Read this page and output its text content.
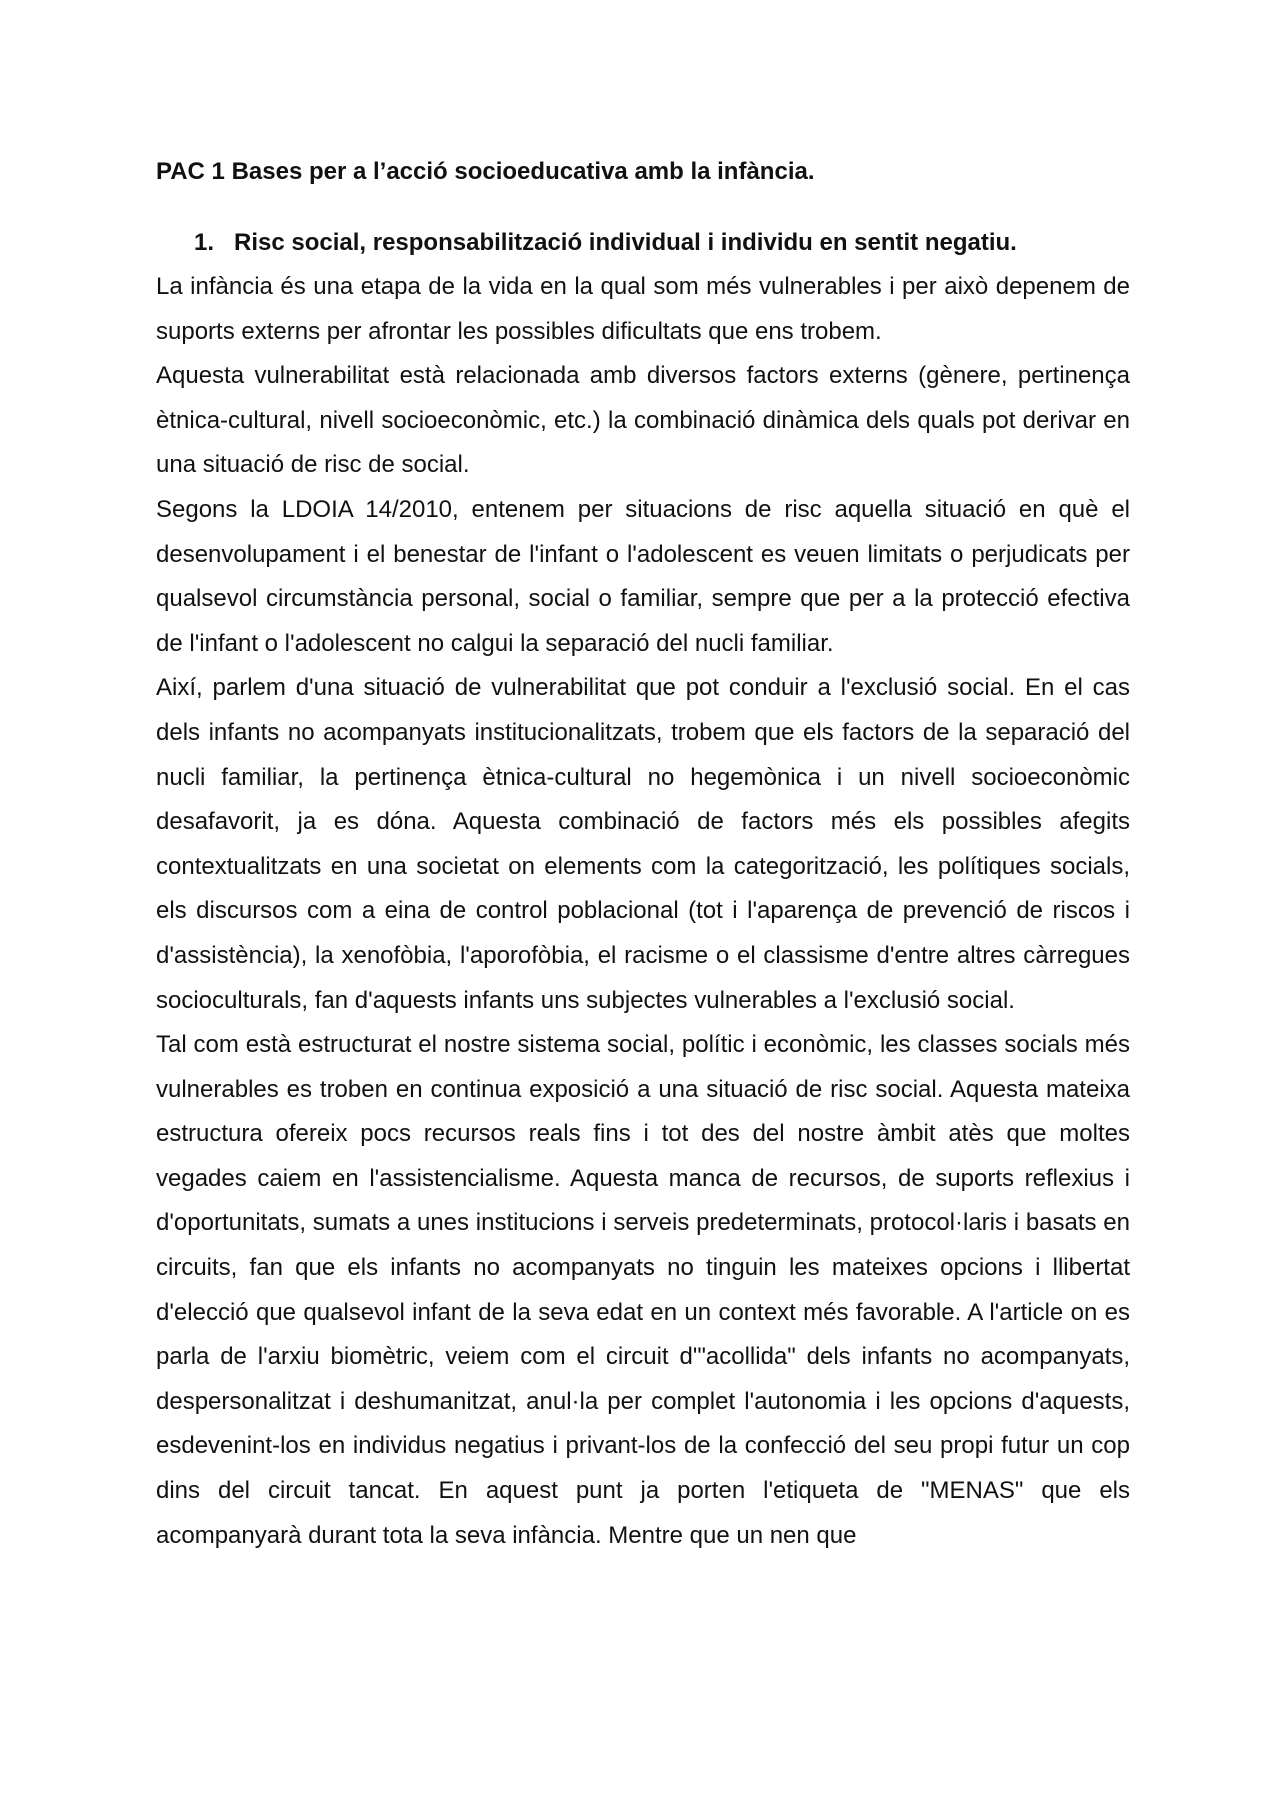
PAC 1 Bases per a l’acció socioeducativa amb la infància.
1. Risc social, responsabilització individual i individu en sentit negatiu.

La infància és una etapa de la vida en la qual som més vulnerables i per això depenem de suports externs per afrontar les possibles dificultats que ens trobem.

Aquesta vulnerabilitat està relacionada amb diversos factors externs (gènere, pertinença ètnica-cultural, nivell socioeconòmic, etc.) la combinació dinàmica dels quals pot derivar en una situació de risc de social.

Segons la LDOIA 14/2010, entenem per situacions de risc aquella situació en què el desenvolupament i el benestar de l'infant o l'adolescent es veuen limitats o perjudicats per qualsevol circumstància personal, social o familiar, sempre que per a la protecció efectiva de l'infant o l'adolescent no calgui la separació del nucli familiar.

Així, parlem d'una situació de vulnerabilitat que pot conduir a l'exclusió social. En el cas dels infants no acompanyats institucionalitzats, trobem que els factors de la separació del nucli familiar, la pertinença ètnica-cultural no hegemònica i un nivell socioeconòmic desafavorit, ja es dóna. Aquesta combinació de factors més els possibles afegits contextualitzats en una societat on elements com la categorització, les polítiques socials, els discursos com a eina de control poblacional (tot i l'aparença de prevenció de riscos i d'assistència), la xenofòbia, l'aporofòbia, el racisme o el classisme d'entre altres càrregues socioculturals, fan d'aquests infants uns subjectes vulnerables a l'exclusió social.

Tal com està estructurat el nostre sistema social, polític i econòmic, les classes socials més vulnerables es troben en continua exposició a una situació de risc social. Aquesta mateixa estructura ofereix pocs recursos reals fins i tot des del nostre àmbit atès que moltes vegades caiem en l'assistencialisme. Aquesta manca de recursos, de suports reflexius i d'oportunitats, sumats a unes institucions i serveis predeterminats, protocol·laris i basats en circuits, fan que els infants no acompanyats no tinguin les mateixes opcions i llibertat d'elecció que qualsevol infant de la seva edat en un context més favorable. A l'article on es parla de l'arxiu biomètric, veiem com el circuit d'"acollida" dels infants no acompanyats, despersonalitzat i deshumanitzat, anul·la per complet l'autonomia i les opcions d'aquests, esdevenint-los en individus negatius i privant-los de la confecció del seu propi futur un cop dins del circuit tancat. En aquest punt ja porten l'etiqueta de "MENAS" que els acompanyarà durant tota la seva infància. Mentre que un nen que
